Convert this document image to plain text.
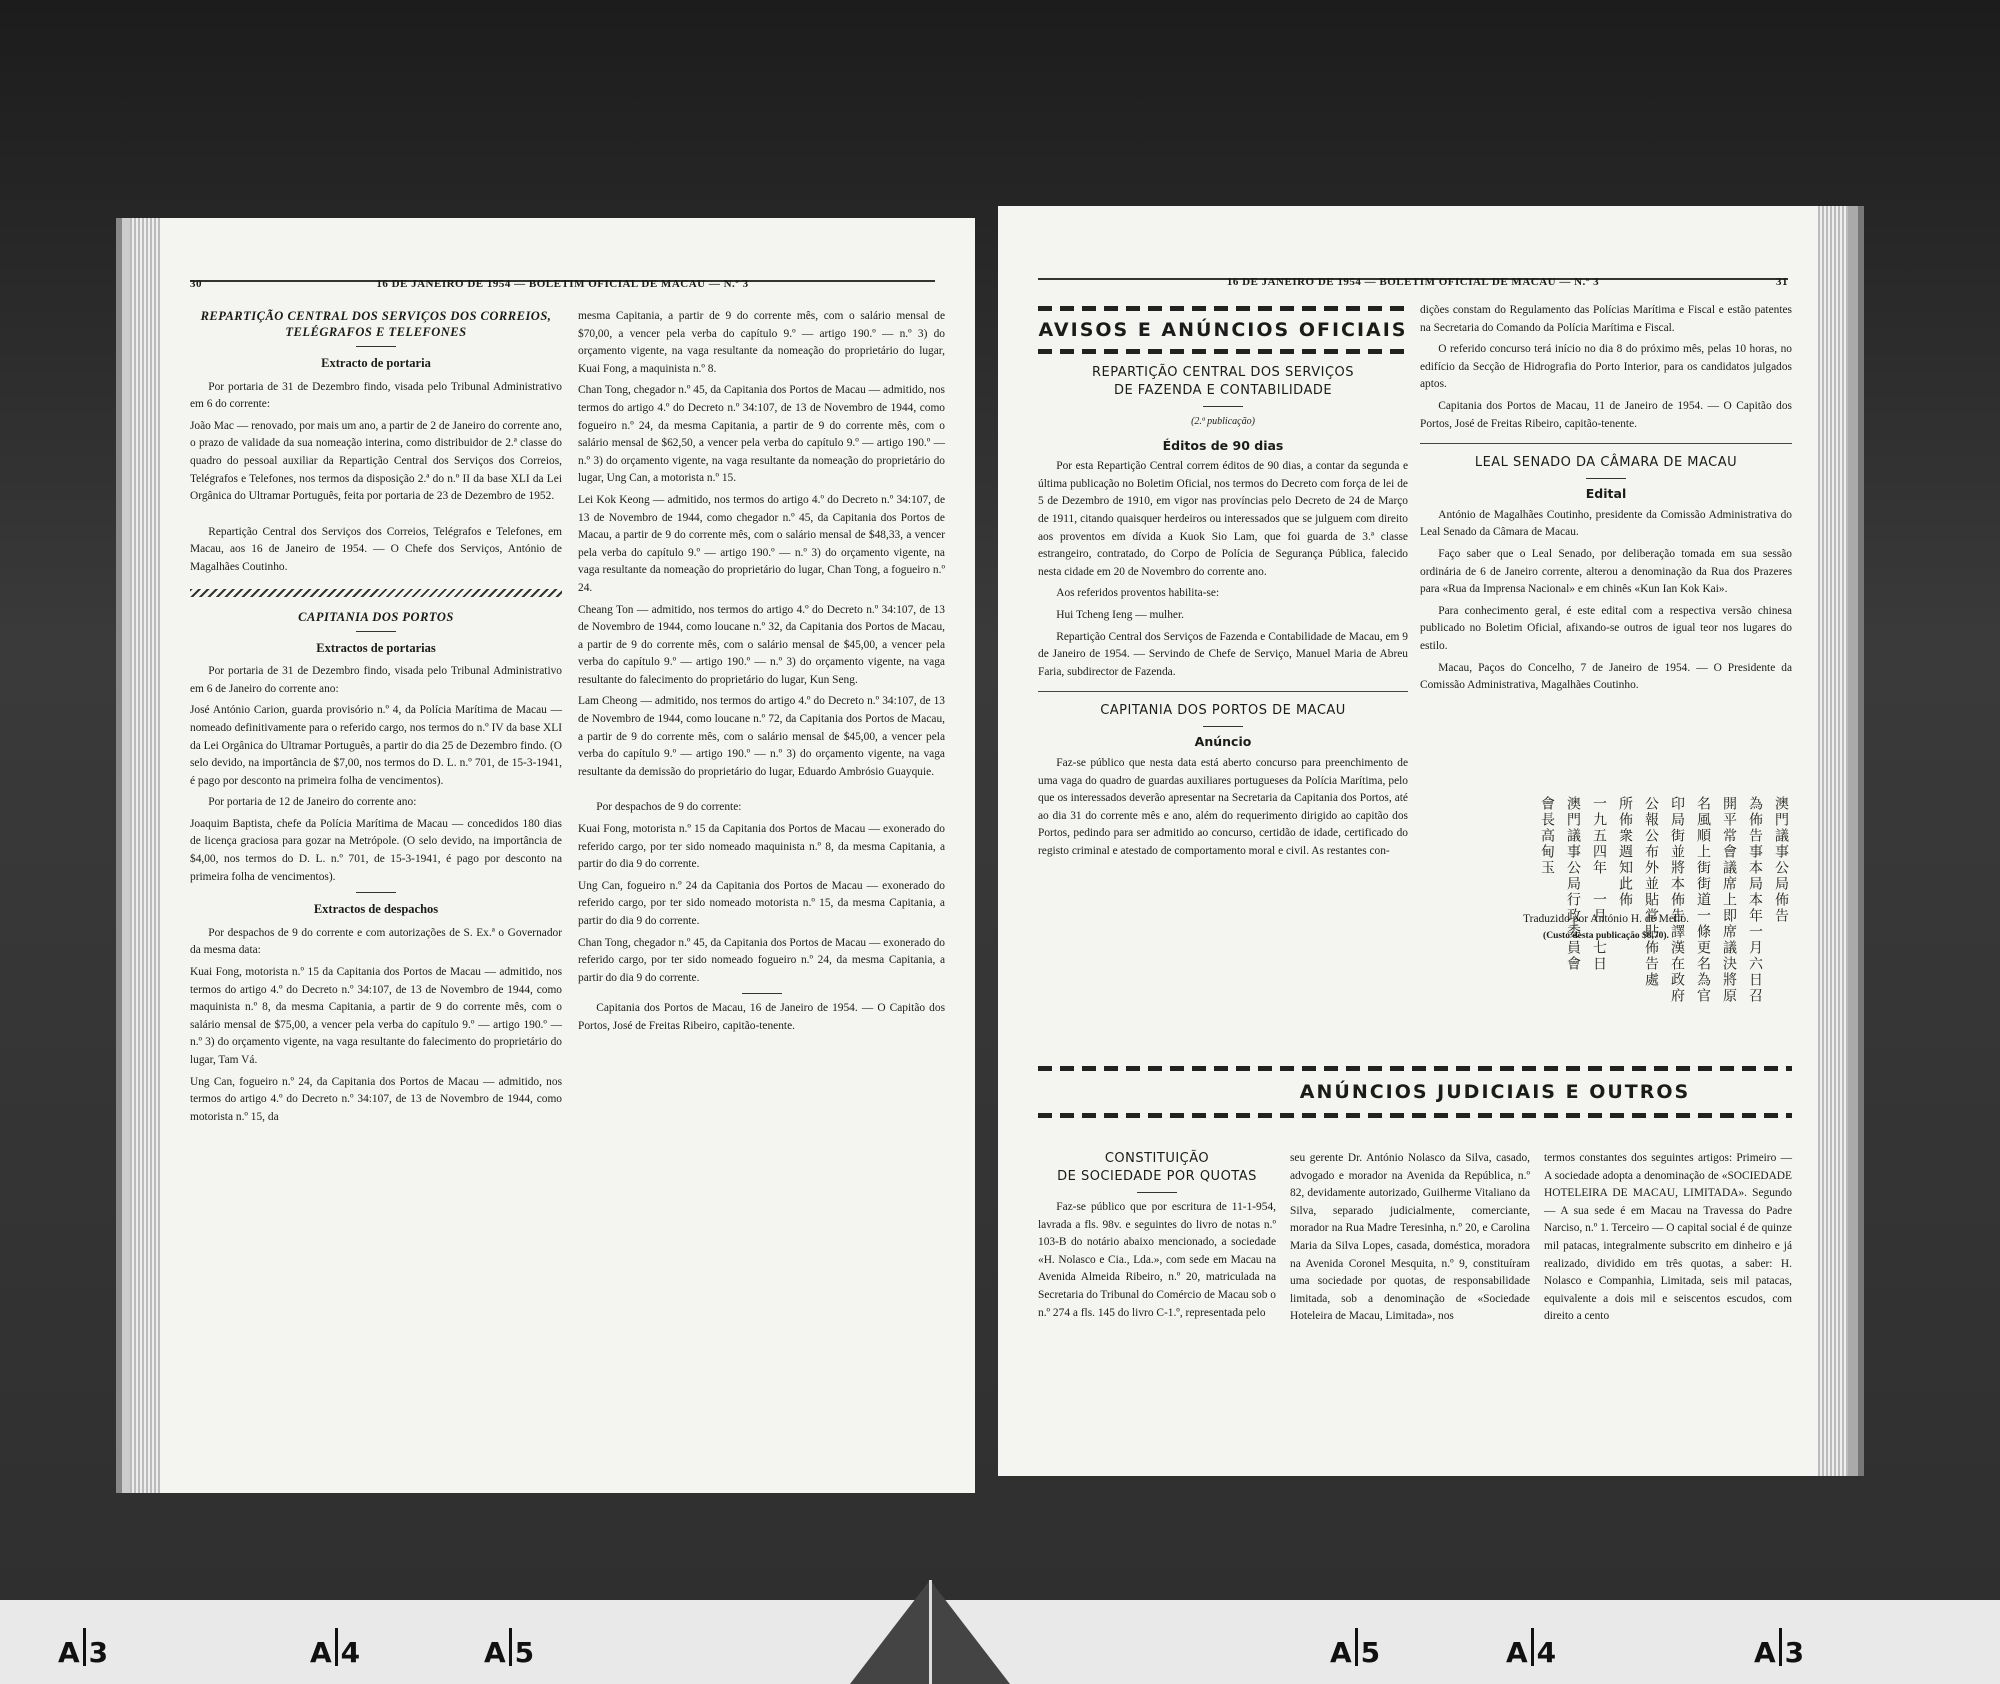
30	16 DE JANEIRO DE 1954 — BOLETIM OFICIAL DE MACAU — N.º 3
REPARTIÇÃO CENTRAL DOS SERVIÇOS DOS CORREIOS, TELÉGRAFOS E TELEFONES
Extracto de portaria

Por portaria de 31 de Dezembro findo, visada pelo Tribunal Administrativo em 6 do corrente:

João Mac — renovado, por mais um ano, a partir de 2 de Janeiro do corrente ano, o prazo de validade da sua nomeação interina, como distribuidor de 2.ª classe do quadro do pessoal auxiliar da Repartição Central dos Serviços dos Correios, Telégrafos e Telefones, nos termos da disposição 2.ª do n.º II da base XLI da Lei Orgânica do Ultramar Português, feita por portaria de 23 de Dezembro de 1952.

Repartição Central dos Serviços dos Correios, Telégrafos e Telefones, em Macau, aos 16 de Janeiro de 1954. — O Chefe dos Serviços, António de Magalhães Coutinho.

CAPITANIA DOS PORTOS
Extractos de portarias

Por portaria de 31 de Dezembro findo, visada pelo Tribunal Administrativo em 6 de Janeiro do corrente ano:

José António Carion, guarda provisório n.º 4, da Polícia Marítima de Macau — nomeado definitivamente para o referido cargo, nos termos do n.º IV da base XLI da Lei Orgânica do Ultramar Português, a partir do dia 25 de Dezembro findo. (O selo devido, na importância de $7,00, nos termos do D. L. n.º 701, de 15-3-1941, é pago por desconto na primeira folha de vencimentos).

Por portaria de 12 de Janeiro do corrente ano:

Joaquim Baptista, chefe da Polícia Marítima de Macau — concedidos 180 dias de licença graciosa para gozar na Metrópole. (O selo devido, na importância de $4,00, nos termos do D. L. n.º 701, de 15-3-1941, é pago por desconto na primeira folha de vencimentos).

Extractos de despachos

Por despachos de 9 do corrente e com autorizações de S. Ex.ª o Governador da mesma data:

Kuai Fong, motorista n.º 15 da Capitania dos Portos de Macau — admitido, nos termos do artigo 4.º do Decreto n.º 34:107, de 13 de Novembro de 1944, como maquinista n.º 8, da mesma Capitania, a partir de 9 do corrente mês, com o salário mensal de $75,00, a vencer pela verba do capítulo 9.º — artigo 190.º — n.º 3) do orçamento vigente, na vaga resultante do falecimento do proprietário do lugar, Tam Vá.

Ung Can, fogueiro n.º 24, da Capitania dos Portos de Macau — admitido, nos termos do artigo 4.º do Decreto n.º 34:107, de 13 de Novembro de 1944, como motorista n.º 15, da

mesma Capitania, a partir de 9 do corrente mês, com o salário mensal de $70,00, a vencer pela verba do capítulo 9.º — artigo 190.º — n.º 3) do orçamento vigente, na vaga resultante da nomeação do proprietário do lugar, Kuai Fong, a maquinista n.º 8.

Chan Tong, chegador n.º 45, da Capitania dos Portos de Macau — admitido, nos termos do artigo 4.º do Decreto n.º 34:107, de 13 de Novembro de 1944, como fogueiro n.º 24, da mesma Capitania, a partir de 9 do corrente mês, com o salário mensal de $62,50, a vencer pela verba do capítulo 9.º — artigo 190.º — n.º 3) do orçamento vigente, na vaga resultante da nomeação do proprietário do lugar, Ung Can, a motorista n.º 15.

Lei Kok Keong — admitido, nos termos do artigo 4.º do Decreto n.º 34:107, de 13 de Novembro de 1944, como chegador n.º 45, da Capitania dos Portos de Macau, a partir de 9 do corrente mês, com o salário mensal de $48,33, a vencer pela verba do capítulo 9.º — artigo 190.º — n.º 3) do orçamento vigente, na vaga resultante da nomeação do proprietário do lugar, Chan Tong, a fogueiro n.º 24.

Cheang Ton — admitido, nos termos do artigo 4.º do Decreto n.º 34:107, de 13 de Novembro de 1944, como loucane n.º 32, da Capitania dos Portos de Macau, a partir de 9 do corrente mês, com o salário mensal de $45,00, a vencer pela verba do capítulo 9.º — artigo 190.º — n.º 3) do orçamento vigente, na vaga resultante do falecimento do proprietário do lugar, Kun Seng.

Lam Cheong — admitido, nos termos do artigo 4.º do Decreto n.º 34:107, de 13 de Novembro de 1944, como loucane n.º 72, da Capitania dos Portos de Macau, a partir de 9 do corrente mês, com o salário mensal de $45,00, a vencer pela verba do capítulo 9.º — artigo 190.º — n.º 3) do orçamento vigente, na vaga resultante da demissão do proprietário do lugar, Eduardo Ambrósio Guayquie.

Por despachos de 9 do corrente:

Kuai Fong, motorista n.º 15 da Capitania dos Portos de Macau — exonerado do referido cargo, por ter sido nomeado maquinista n.º 8, da mesma Capitania, a partir do dia 9 do corrente.

Ung Can, fogueiro n.º 24 da Capitania dos Portos de Macau — exonerado do referido cargo, por ter sido nomeado motorista n.º 15, da mesma Capitania, a partir do dia 9 do corrente.

Chan Tong, chegador n.º 45, da Capitania dos Portos de Macau — exonerado do referido cargo, por ter sido nomeado fogueiro n.º 24, da mesma Capitania, a partir do dia 9 do corrente.

Capitania dos Portos de Macau, 16 de Janeiro de 1954. — O Capitão dos Portos, José de Freitas Ribeiro, capitão-tenente.

16 DE JANEIRO DE 1954 — BOLETIM OFICIAL DE MACAU — N.º 3	31
AVISOS E ANÚNCIOS OFICIAIS
REPARTIÇÃO CENTRAL DOS SERVIÇOS
DE FAZENDA E CONTABILIDADE
(2.ª publicação)
Éditos de 90 dias

Por esta Repartição Central correm éditos de 90 dias, a contar da segunda e última publicação no Boletim Oficial, nos termos do Decreto com força de lei de 5 de Dezembro de 1910, em vigor nas províncias pelo Decreto de 24 de Março de 1911, citando quaisquer herdeiros ou interessados que se julguem com direito aos proventos em dívida a Kuok Sio Lam, que foi guarda de 3.ª classe estrangeiro, contratado, do Corpo de Polícia de Segurança Pública, falecido nesta cidade em 20 de Novembro do corrente ano.

Aos referidos proventos habilita-se:

Hui Tcheng Ieng — mulher.

Repartição Central dos Serviços de Fazenda e Contabilidade de Macau, em 9 de Janeiro de 1954. — Servindo de Chefe de Serviço, Manuel Maria de Abreu Faria, subdirector de Fazenda.

CAPITANIA DOS PORTOS DE MACAU
Anúncio

Faz-se público que nesta data está aberto concurso para preenchimento de uma vaga do quadro de guardas auxiliares portugueses da Polícia Marítima, pelo que os interessados deverão apresentar na Secretaria da Capitania dos Portos, até ao dia 31 do corrente mês e ano, além do requerimento dirigido ao capitão dos Portos, pedindo para ser admitido ao concurso, certidão de idade, certificado do registo criminal e atestado de comportamento moral e civil. As restantes con-

dições constam do Regulamento das Polícias Marítima e Fiscal e estão patentes na Secretaria do Comando da Polícia Marítima e Fiscal.

O referido concurso terá início no dia 8 do próximo mês, pelas 10 horas, no edifício da Secção de Hidrografia do Porto Interior, para os candidatos julgados aptos.

Capitania dos Portos de Macau, 11 de Janeiro de 1954. — O Capitão dos Portos, José de Freitas Ribeiro, capitão-tenente.

LEAL SENADO DA CÂMARA DE MACAU
Edital

António de Magalhães Coutinho, presidente da Comissão Administrativa do Leal Senado da Câmara de Macau.

Faço saber que o Leal Senado, por deliberação tomada em sua sessão ordinária de 6 de Janeiro corrente, alterou a denominação da Rua dos Prazeres para «Rua da Imprensa Nacional» e em chinês «Kun Ian Kok Kai».

Para conhecimento geral, é este edital com a respectiva versão chinesa publicado no Boletim Oficial, afixando-se outros de igual teor nos lugares do estilo.

Macau, Paços do Concelho, 7 de Janeiro de 1954. — O Presidente da Comissão Administrativa, Magalhães Coutinho.

Traduzido por António H. de Mello.
(Custo desta publicação $8,70).
澳門議事公局佈告
為佈告事本局本年一月六日召
開平常會議席上即席議決將原
名風順上街街道一條更名為官
印局街並將本佈告譯漢在政府
公報公布外並貼常貼佈告處
所佈衆週知此佈
一九五四年　一月　七日
澳門議事公局行政委員會
會長高甸玉
ANÚNCIOS JUDICIAIS E OUTROS
CONSTITUIÇÃO
DE SOCIEDADE POR QUOTAS

Faz-se público que por escritura de 11-1-954, lavrada a fls. 98v. e seguintes do livro de notas n.º 103-B do notário abaixo mencionado, a sociedade «H. Nolasco e Cia., Lda.», com sede em Macau na Avenida Almeida Ribeiro, n.º 20, matriculada na Secretaria do Tribunal do Comércio de Macau sob o n.º 274 a fls. 145 do livro C-1.º, representada pelo

seu gerente Dr. António Nolasco da Silva, casado, advogado e morador na Avenida da República, n.º 82, devidamente autorizado, Guilherme Vitaliano da Silva, separado judicialmente, comerciante, morador na Rua Madre Teresinha, n.º 20, e Carolina Maria da Silva Lopes, casada, doméstica, moradora na Avenida Coronel Mesquita, n.º 9, constituíram uma sociedade por quotas, de responsabilidade limitada, sob a denominação de «Sociedade Hoteleira de Macau, Limitada», nos

termos constantes dos seguintes artigos: Primeiro — A sociedade adopta a denominação de «SOCIEDADE HOTELEIRA DE MACAU, LIMITADA». Segundo — A sua sede é em Macau na Travessa do Padre Narciso, n.º 1. Terceiro — O capital social é de quinze mil patacas, integralmente subscrito em dinheiro e já realizado, dividido em três quotas, a saber: H. Nolasco e Companhia, Limitada, seis mil patacas, equivalente a dois mil e seiscentos escudos, com direito a cento

A 3	A 4	A 5	A 5	A 4	A 3
